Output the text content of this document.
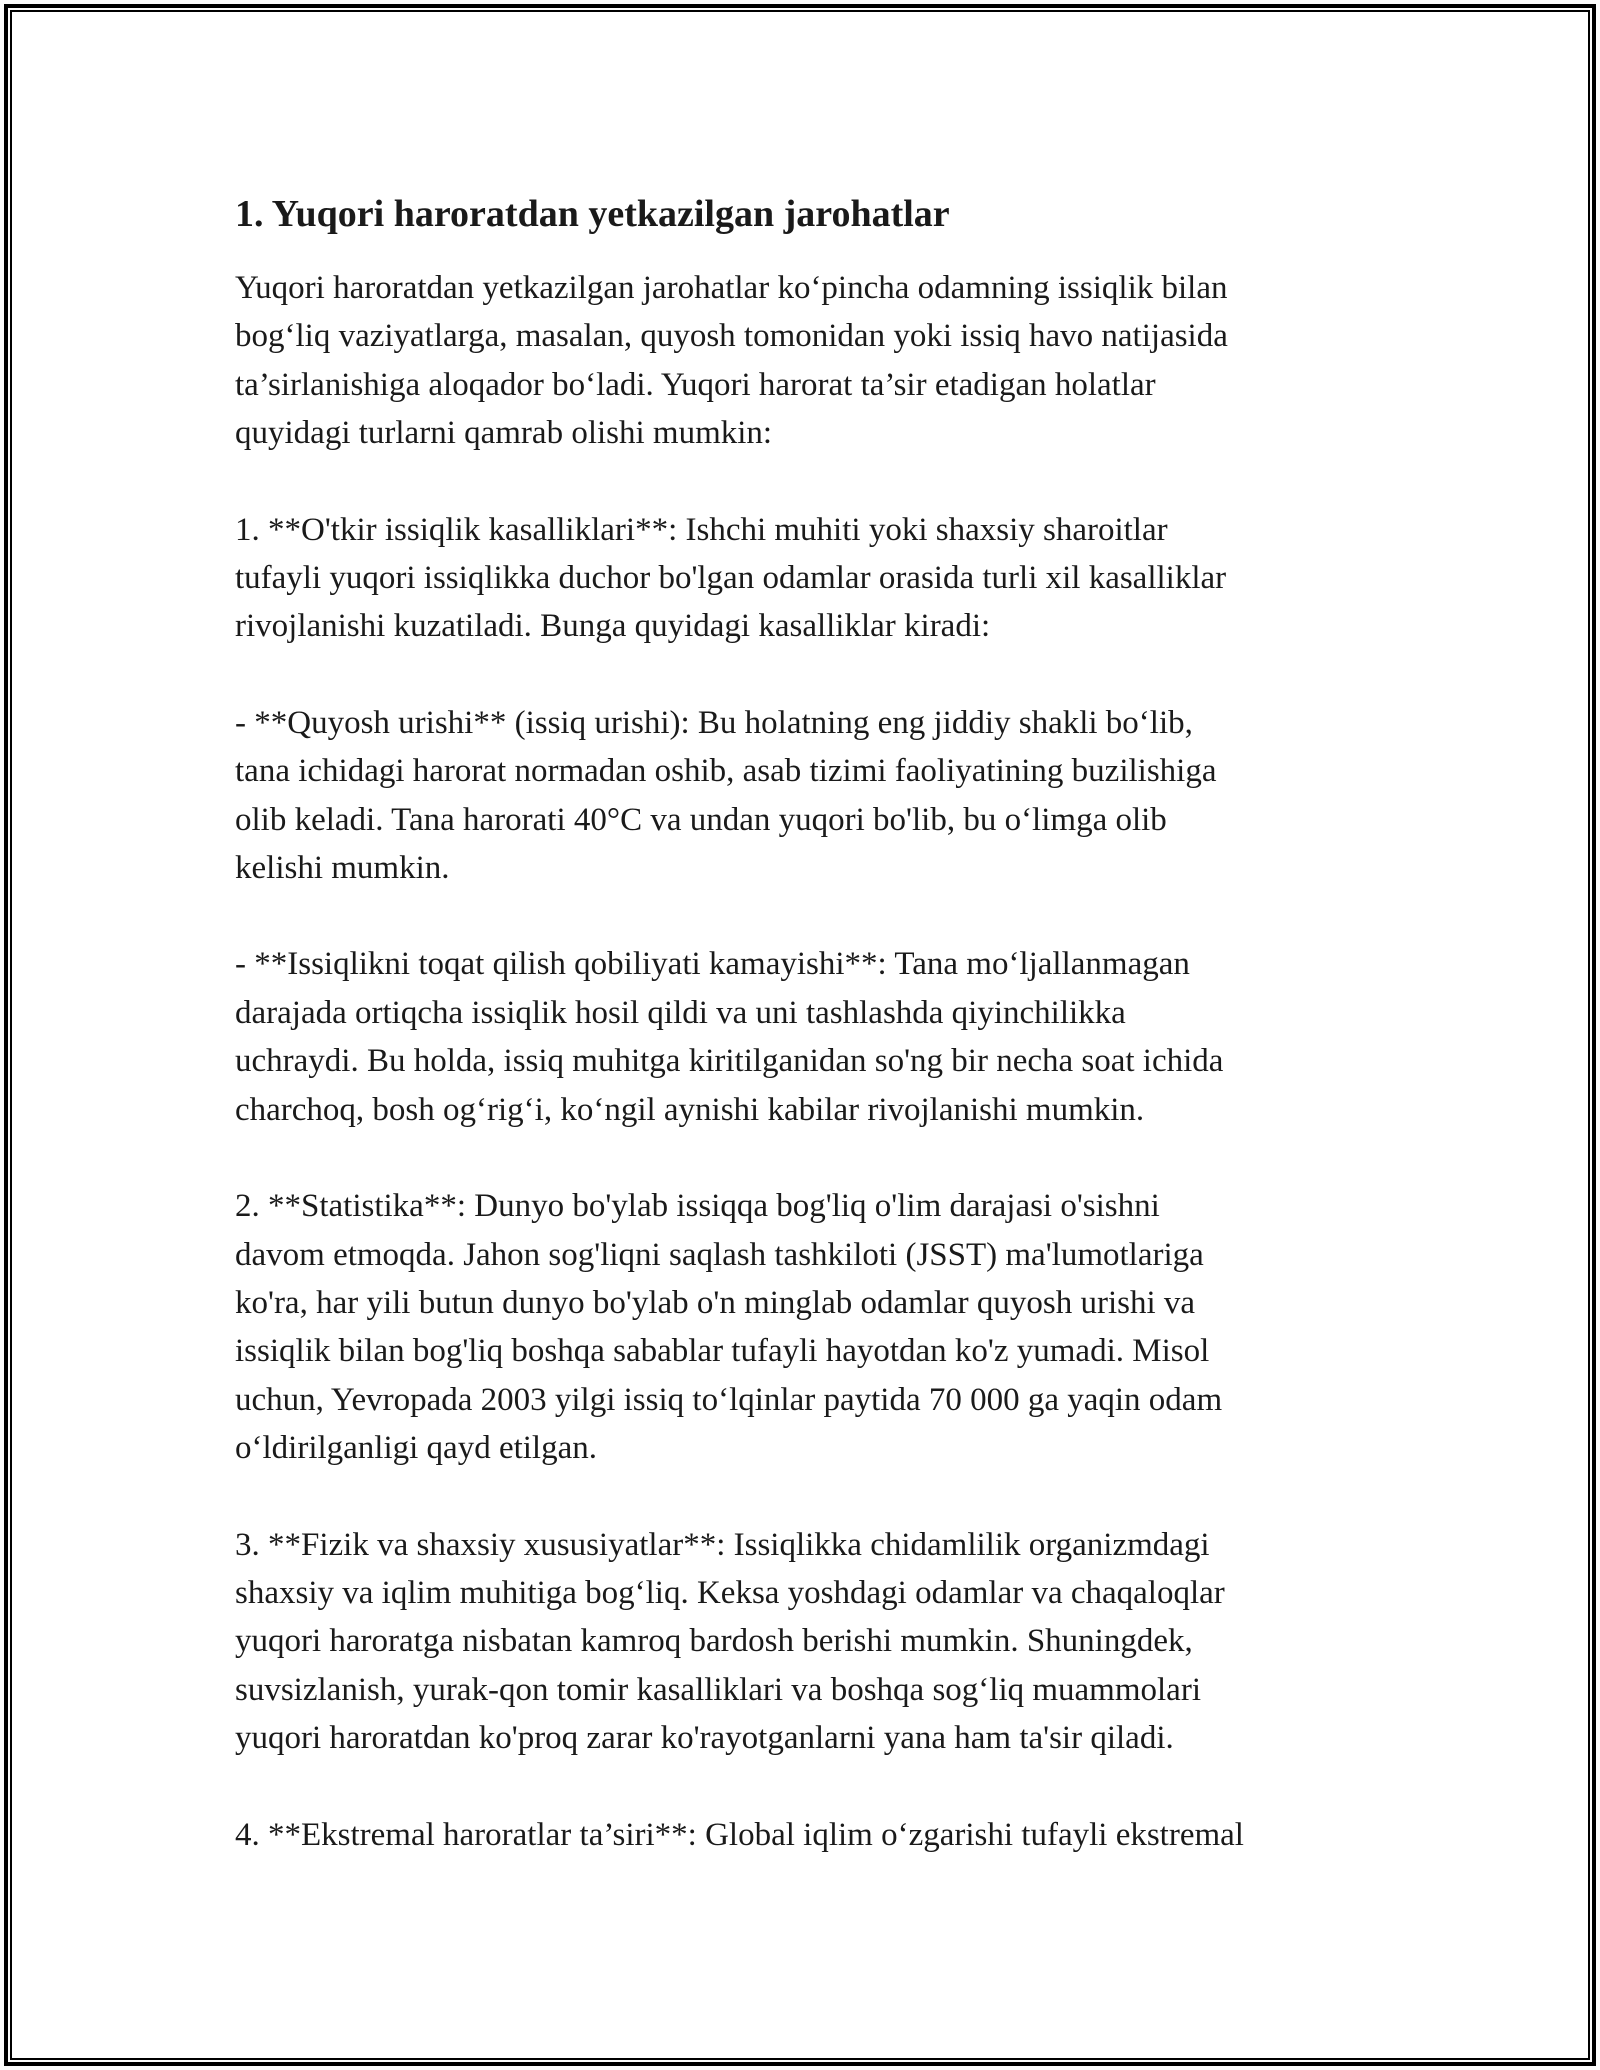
1. Yuqori haroratdan yetkazilgan jarohatlar

Yuqori haroratdan yetkazilgan jarohatlar ko‘pincha odamning issiqlik bilan
bog‘liq vaziyatlarga, masalan, quyosh tomonidan yoki issiq havo natijasida
ta’sirlanishiga aloqador bo‘ladi. Yuqori harorat ta’sir etadigan holatlar
quyidagi turlarni qamrab olishi mumkin:

1. **O'tkir issiqlik kasalliklari**: Ishchi muhiti yoki shaxsiy sharoitlar
tufayli yuqori issiqlikka duchor bo'lgan odamlar orasida turli xil kasalliklar
rivojlanishi kuzatiladi. Bunga quyidagi kasalliklar kiradi:

- **Quyosh urishi** (issiq urishi): Bu holatning eng jiddiy shakli bo‘lib,
tana ichidagi harorat normadan oshib, asab tizimi faoliyatining buzilishiga
olib keladi. Tana harorati 40°C va undan yuqori bo'lib, bu o‘limga olib
kelishi mumkin.

- **Issiqlikni toqat qilish qobiliyati kamayishi**: Tana mo‘ljallanmagan
darajada ortiqcha issiqlik hosil qildi va uni tashlashda qiyinchilikka
uchraydi. Bu holda, issiq muhitga kiritilganidan so'ng bir necha soat ichida
charchoq, bosh og‘rig‘i, ko‘ngil aynishi kabilar rivojlanishi mumkin.

2. **Statistika**: Dunyo bo'ylab issiqqa bog'liq o'lim darajasi o'sishni
davom etmoqda. Jahon sog'liqni saqlash tashkiloti (JSST) ma'lumotlariga
ko'ra, har yili butun dunyo bo'ylab o'n minglab odamlar quyosh urishi va
issiqlik bilan bog'liq boshqa sabablar tufayli hayotdan ko'z yumadi. Misol
uchun, Yevropada 2003 yilgi issiq to‘lqinlar paytida 70 000 ga yaqin odam
o‘ldirilganligi qayd etilgan.

3. **Fizik va shaxsiy xususiyatlar**: Issiqlikka chidamlilik organizmdagi
shaxsiy va iqlim muhitiga bog‘liq. Keksa yoshdagi odamlar va chaqaloqlar
yuqori haroratga nisbatan kamroq bardosh berishi mumkin. Shuningdek,
suvsizlanish, yurak-qon tomir kasalliklari va boshqa sog‘liq muammolari
yuqori haroratdan ko'proq zarar ko'rayotganlarni yana ham ta'sir qiladi.

4. **Ekstremal haroratlar ta’siri**: Global iqlim o‘zgarishi tufayli ekstremal
